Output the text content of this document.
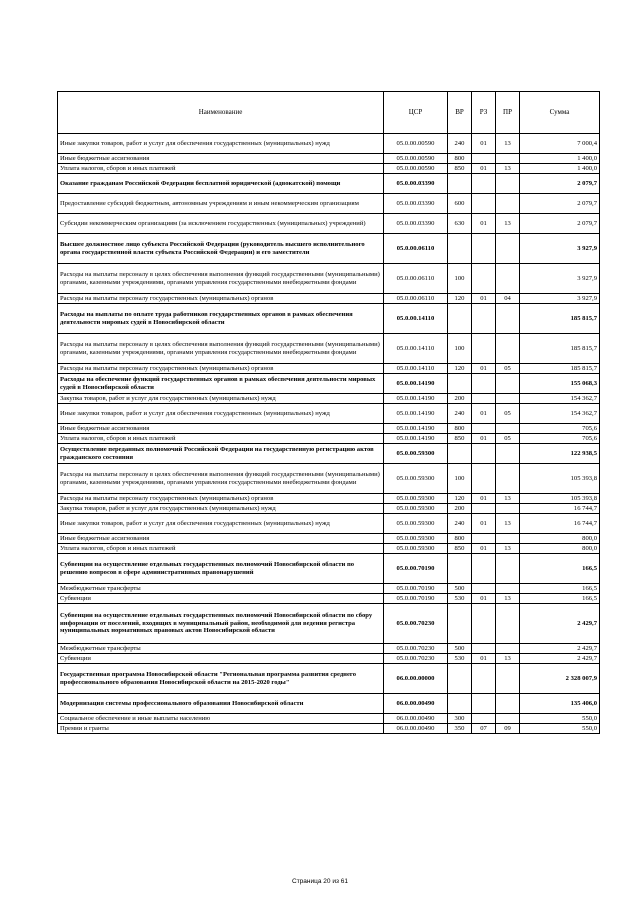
Наименование	ЦСР	ВР	РЗ	ПР	Сумма
Иные закупки товаров, работ и услуг для обеспечения государственных (муниципальных) нужд	05.0.00.00590	240	01	13	7 000,4
Иные бюджетные ассигнования	05.0.00.00590	800			1 400,0
Уплата налогов, сборов и иных платежей	05.0.00.00590	850	01	13	1 400,0
Оказание гражданам Российской Федерации бесплатной юридической (адвокатской) помощи	05.0.00.03390				2 079,7
Предоставление субсидий бюджетным, автономным учреждениям и иным некоммерческим организациям	05.0.00.03390	600			2 079,7
Субсидии некоммерческим организациям (за исключением государственных (муниципальных) учреждений)	05.0.00.03390	630	01	13	2 079,7
Высшее должностное лицо субъекта Российской Федерации (руководитель высшего исполнительного органа государственной власти субъекта Российской Федерации) и его заместители	05.0.00.06110				3 927,9
Расходы на выплаты персоналу в целях обеспечения выполнения функций государственными (муниципальными) органами, казенными учреждениями, органами управления государственными внебюджетными фондами	05.0.00.06110	100			3 927,9
Расходы на выплаты персоналу государственных (муниципальных) органов	05.0.00.06110	120	01	04	3 927,9
Расходы на выплаты по оплате труда работников государственных органов в рамках обеспечения деятельности мировых судей в Новосибирской области	05.0.00.14110				185 815,7
Расходы на выплаты персоналу в целях обеспечения выполнения функций государственными (муниципальными) органами, казенными учреждениями, органами управления государственными внебюджетными фондами	05.0.00.14110	100			185 815,7
Расходы на выплаты персоналу государственных (муниципальных) органов	05.0.00.14110	120	01	05	185 815,7
Расходы на обеспечение функций государственных органов в рамках обеспечения деятельности мировых судей в Новосибирской области	05.0.00.14190				155 068,3
Закупка товаров, работ и услуг для государственных (муниципальных) нужд	05.0.00.14190	200			154 362,7
Иные закупки товаров, работ и услуг для обеспечения государственных (муниципальных) нужд	05.0.00.14190	240	01	05	154 362,7
Иные бюджетные ассигнования	05.0.00.14190	800			705,6
Уплата налогов, сборов и иных платежей	05.0.00.14190	850	01	05	705,6
Осуществление переданных полномочий Российской Федерации на государственную регистрацию актов гражданского состояния	05.0.00.59300				122 938,5
Расходы на выплаты персоналу в целях обеспечения выполнения функций государственными (муниципальными) органами, казенными учреждениями, органами управления государственными внебюджетными фондами	05.0.00.59300	100			105 393,8
Расходы на выплаты персоналу государственных (муниципальных) органов	05.0.00.59300	120	01	13	105 393,8
Закупка товаров, работ и услуг для государственных (муниципальных) нужд	05.0.00.59300	200			16 744,7
Иные закупки товаров, работ и услуг для обеспечения государственных (муниципальных) нужд	05.0.00.59300	240	01	13	16 744,7
Иные бюджетные ассигнования	05.0.00.59300	800			800,0
Уплата налогов, сборов и иных платежей	05.0.00.59300	850	01	13	800,0
Субвенции на осуществление отдельных государственных полномочий Новосибирской области по решению вопросов в сфере административных правонарушений	05.0.00.70190				166,5
Межбюджетные трансферты	05.0.00.70190	500			166,5
Субвенции	05.0.00.70190	530	01	13	166,5
Субвенции на осуществление отдельных государственных полномочий Новосибирской области по сбору информации от поселений, входящих в муниципальный район, необходимой для ведения регистра муниципальных нормативных правовых актов Новосибирской области	05.0.00.70230				2 429,7
Межбюджетные трансферты	05.0.00.70230	500			2 429,7
Субвенции	05.0.00.70230	530	01	13	2 429,7
Государственная программа Новосибирской области "Региональная программа развития среднего профессионального образования Новосибирской области на 2015-2020 годы"	06.0.00.00000				2 328 007,9
Модернизация системы профессионального образования Новосибирской области	06.0.00.00490				135 406,0
Социальное обеспечение и иные выплаты населению	06.0.00.00490	300			550,0
Премии и гранты	06.0.00.00490	350	07	09	550,0
Страница 20 из 61
